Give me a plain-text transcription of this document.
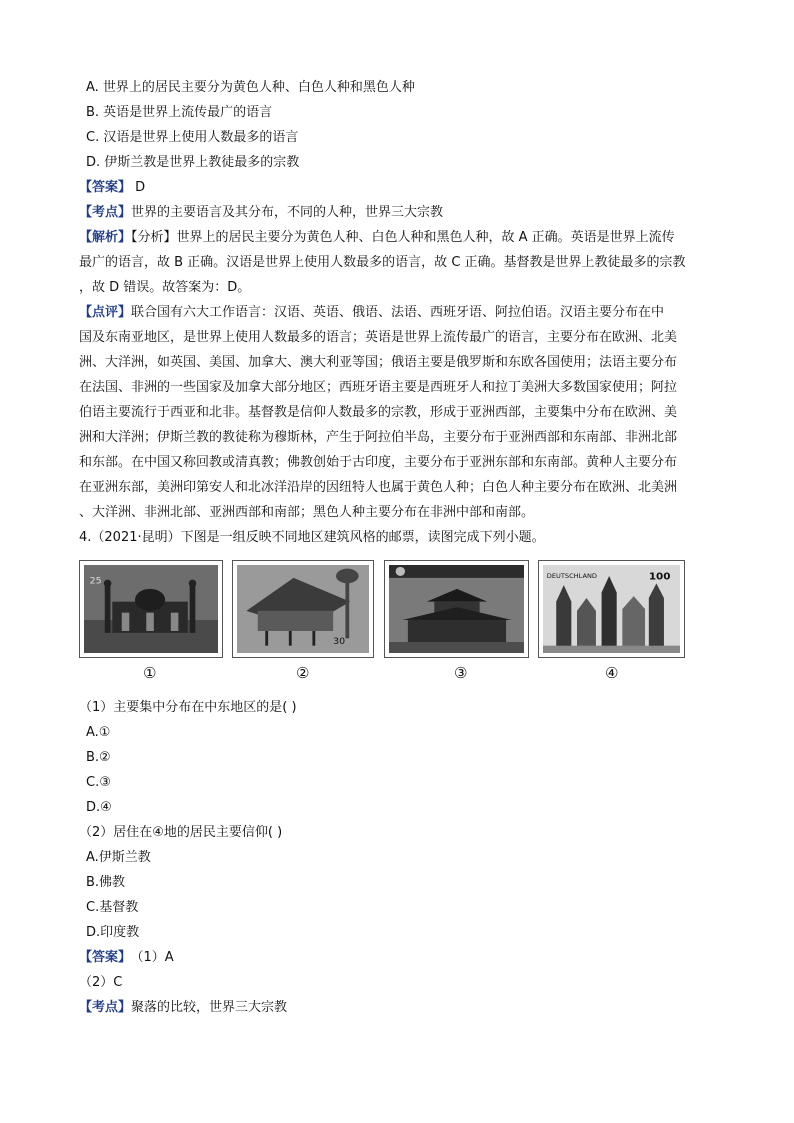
A. 世界上的居民主要分为黄色人种、白色人种和黑色人种
B. 英语是世界上流传最广的语言
C. 汉语是世界上使用人数最多的语言
D. 伊斯兰教是世界上教徒最多的宗教
【答案】 D
【考点】世界的主要语言及其分布，不同的人种，世界三大宗教
【解析】【分析】世界上的居民主要分为黄色人种、白色人种和黑色人种，故 A 正确。英语是世界上流传
最广的语言，故 B 正确。汉语是世界上使用人数最多的语言，故 C 正确。基督教是世界上教徒最多的宗教
，故 D 错误。故答案为：D。
【点评】联合国有六大工作语言：汉语、英语、俄语、法语、西班牙语、阿拉伯语。汉语主要分布在中
国及东南亚地区，是世界上使用人数最多的语言；英语是世界上流传最广的语言，主要分布在欧洲、北美
洲、大洋洲，如英国、美国、加拿大、澳大利亚等国；俄语主要是俄罗斯和东欧各国使用；法语主要分布
在法国、非洲的一些国家及加拿大部分地区；西班牙语主要是西班牙人和拉丁美洲大多数国家使用；阿拉
伯语主要流行于西亚和北非。基督教是信仰人数最多的宗教，形成于亚洲西部，主要集中分布在欧洲、美
洲和大洋洲；伊斯兰教的教徒称为穆斯林，产生于阿拉伯半岛，主要分布于亚洲西部和东南部、非洲北部
和东部。在中国又称回教或清真教；佛教创始于古印度，主要分布于亚洲东部和东南部。黄种人主要分布
在亚洲东部，美洲印第安人和北冰洋沿岸的因纽特人也属于黄色人种；白色人种主要分布在欧洲、北美洲
、大洋洲、非洲北部、亚洲西部和南部；黑色人种主要分布在非洲中部和南部。
4.（2021·昆明）下图是一组反映不同地区建筑风格的邮票，读图完成下列小题。
25
30
DEUTSCHLAND	100
①	②	③	④
（1）主要集中分布在中东地区的是( )
A.①
B.②
C.③
D.④
（2）居住在④地的居民主要信仰( )
A.伊斯兰教
B.佛教
C.基督教
D.印度教
【答案】 （1）A
（2）C
【考点】聚落的比较，世界三大宗教
